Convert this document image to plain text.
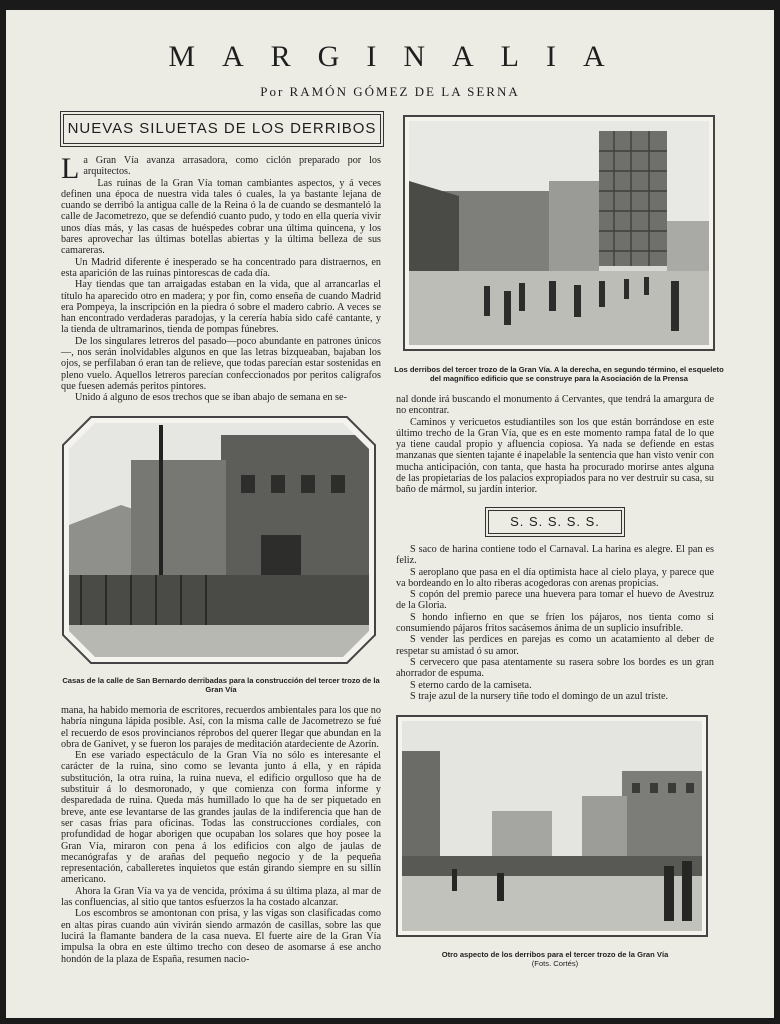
MARGINALIA
Por RAMÓN GÓMEZ DE LA SERNA
NUEVAS SILUETAS DE LOS DERRIBOS

La Gran Vía avanza arrasadora, como ciclón preparado por los arquitectos.

Las ruinas de la Gran Vía toman cambiantes aspectos, y á veces definen una época de nuestra vida tales ó cuales, la ya bastante lejana de cuando se derribó la antigua calle de la Reina ó la de cuando se desmanteló la calle de Jacometrezo, que se defendió cuanto pudo, y todo en ella quería vivir unos días más, y las casas de huéspedes cobrar una última quincena, y los bares aprovechar las últimas botellas abiertas y la última belleza de sus camareras.

Un Madrid diferente é inesperado se ha concentrado para distraernos, en esta aparición de las ruinas pintorescas de cada día.

Hay tiendas que tan arraigadas estaban en la vida, que al arrancarlas el título ha aparecido otro en madera; y por fin, como enseña de cuando Madrid era Pompeya, la inscripción en la piedra ó sobre el madero cabrío. A veces se han encontrado verdaderas paradojas, y la cerería había sido café cantante, y la tienda de ultramarinos, tienda de pompas fúnebres.

De los singulares letreros del pasado—poco abundante en patrones únicos—, nos serán inolvidables algunos en que las letras bizqueaban, bajaban los ojos, se perfilaban ó eran tan de relieve, que todas parecían estar sostenidas en pleno vuelo. Aquellos letreros parecían confeccionados por peritos calígrafos que fuesen además peritos pintores.

Unido á alguno de esos trechos que se iban abajo de semana en se-

Los derribos del tercer trozo de la Gran Vía. A la derecha, en segundo término, el esqueleto del magnífico edificio que se construye para la Asociación de la Prensa

nal donde irá buscando el monumento á Cervantes, que tendrá la amargura de no encontrar.

Caminos y vericuetos estudiantiles son los que están borrándose en este último trecho de la Gran Vía, que es en este momento rampa fatal de lo que ya tiene caudal propio y afluencia copiosa. Ya nada se defiende en estas manzanas que sienten tajante é inapelable la sentencia que han visto venir con mucha anticipación, con tanta, que hasta ha procurado morirse antes alguna de las propietarias de los palacios expropiados para no ver destruir su casa, su baño de mármol, su jardín interior.

Casas de la calle de San Bernardo derribadas para la construcción del tercer trozo de la Gran Vía
S. S. S. S. S.

S saco de harina contiene todo el Carnaval. La harina es alegre. El pan es feliz.

S aeroplano que pasa en el día optimista hace al cielo playa, y parece que va bordeando en lo alto riberas acogedoras con arenas propicias.

S copón del premio parece una huevera para tomar el huevo de Avestruz de la Gloria.

S hondo infierno en que se fríen los pájaros, nos tienta como si consumiendo pájaros fritos sacásemos ánima de un suplicio insufrible.

S vender las perdices en parejas es como un acatamiento al deber de respetar su amistad ó su amor.

S cervecero que pasa atentamente su rasera sobre los bordes es un gran ahorrador de espuma.

S eterno cardo de la camiseta.

S traje azul de la nursery tiñe todo el domingo de un azul triste.

mana, ha habido memoria de escritores, recuerdos ambientales para los que no habría ninguna lápida posible. Así, con la misma calle de Jacometrezo se fué el recuerdo de esos provincianos réprobos del querer llegar que abundan en la obra de Ganivet, y se fueron los parajes de meditación atardeciente de Azorín.

En ese variado espectáculo de la Gran Vía no sólo es interesante el carácter de la ruina, sino como se levanta junto á ella, y en rápida substitución, la otra ruina, la ruina nueva, el edificio orgulloso que ha de substituir á lo desmoronado, y que comienza con forma informe y desparedada de ruina. Queda más humillado lo que ha de ser piquetado en breve, ante ese levantarse de las grandes jaulas de la indiferencia que han de ser casas frías para oficinas. Todas las construcciones cordiales, con profundidad de hogar aborigen que ocupaban los solares que hoy posee la Gran Vía, miraron con pena á los edificios con algo de jaulas de mecanógrafas y de arañas del pequeño negocio y de la pequeña representación, caballeretes inquietos que están girando siempre en su sillín americano.

Ahora la Gran Vía va ya de vencida, próxima á su última plaza, al mar de las confluencias, al sitio que tantos esfuerzos la ha costado alcanzar.

Los escombros se amontonan con prisa, y las vigas son clasificadas como en altas piras cuando aún vivirán siendo armazón de casillas, sobre las que lucirá la flamante bandera de la casa nueva. El fuerte aire de la Gran Vía impulsa la obra en este último trecho con deseo de asomarse á ese ancho hondón de la plaza de España, resumen nacio-	Otro aspecto de los derribos para el tercer trozo de la Gran Vía
(Fots. Cortés)
